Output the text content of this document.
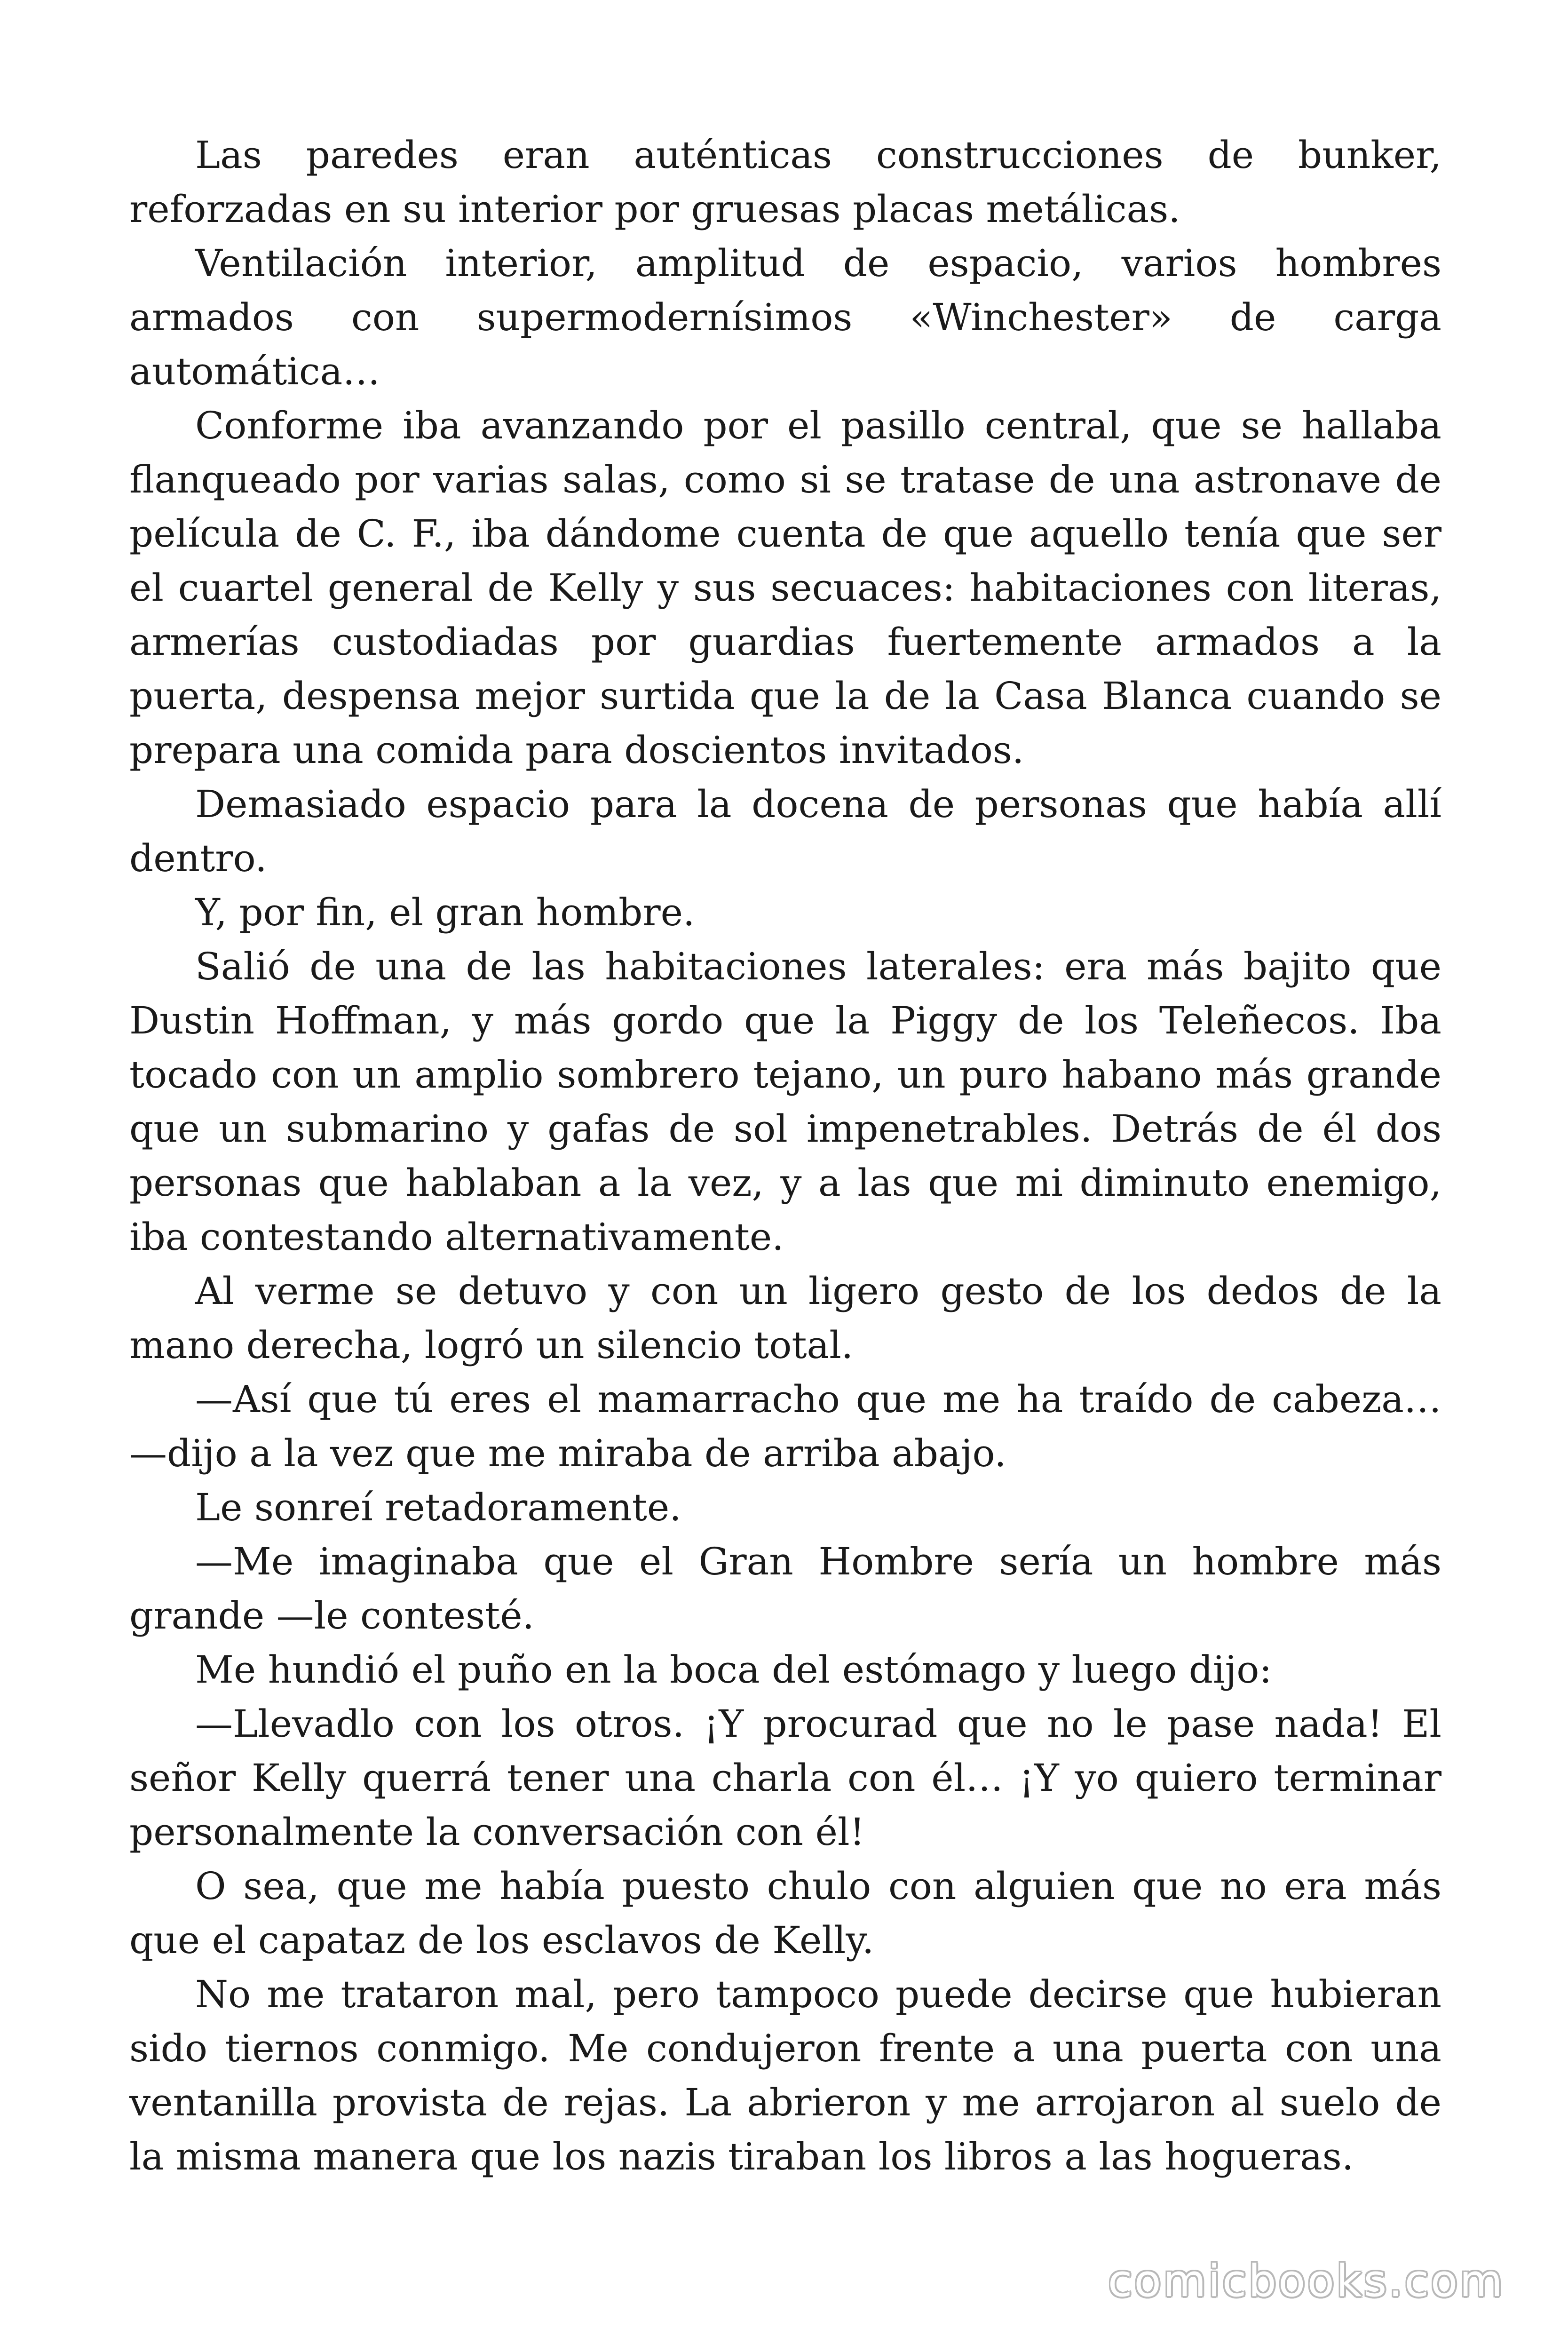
Las paredes eran auténticas construcciones de bunker, reforzadas en su interior por gruesas placas metálicas.

Ventilación interior, amplitud de espacio, varios hombres armados con supermodernísimos «Winchester» de carga automática…

Conforme iba avanzando por el pasillo central, que se hallaba flanqueado por varias salas, como si se tratase de una astronave de película de C. F., iba dándome cuenta de que aquello tenía que ser el cuartel general de Kelly y sus secuaces: habitaciones con literas, armerías custodiadas por guardias fuertemente armados a la puerta, despensa mejor surtida que la de la Casa Blanca cuando se prepara una comida para doscientos invitados.

Demasiado espacio para la docena de personas que había allí dentro.

Y, por fin, el gran hombre.

Salió de una de las habitaciones laterales: era más bajito que Dustin Hoffman, y más gordo que la Piggy de los Teleñecos. Iba tocado con un amplio sombrero tejano, un puro habano más grande que un submarino y gafas de sol impenetrables. Detrás de él dos personas que hablaban a la vez, y a las que mi diminuto enemigo, iba contestando alternativamente.

Al verme se detuvo y con un ligero gesto de los dedos de la mano derecha, logró un silencio total.

—Así que tú eres el mamarracho que me ha traído de cabeza… —dijo a la vez que me miraba de arriba abajo.

Le sonreí retadoramente.

—Me imaginaba que el Gran Hombre sería un hombre más grande —le contesté.

Me hundió el puño en la boca del estómago y luego dijo:

—Llevadlo con los otros. ¡Y procurad que no le pase nada! El señor Kelly querrá tener una charla con él… ¡Y yo quiero terminar personalmente la conversación con él!

O sea, que me había puesto chulo con alguien que no era más que el capataz de los esclavos de Kelly.

No me trataron mal, pero tampoco puede decirse que hubieran sido tiernos conmigo. Me condujeron frente a una puerta con una ventanilla provista de rejas. La abrieron y me arrojaron al suelo de la misma manera que los nazis tiraban los libros a las hogueras.

comicbooks.com
